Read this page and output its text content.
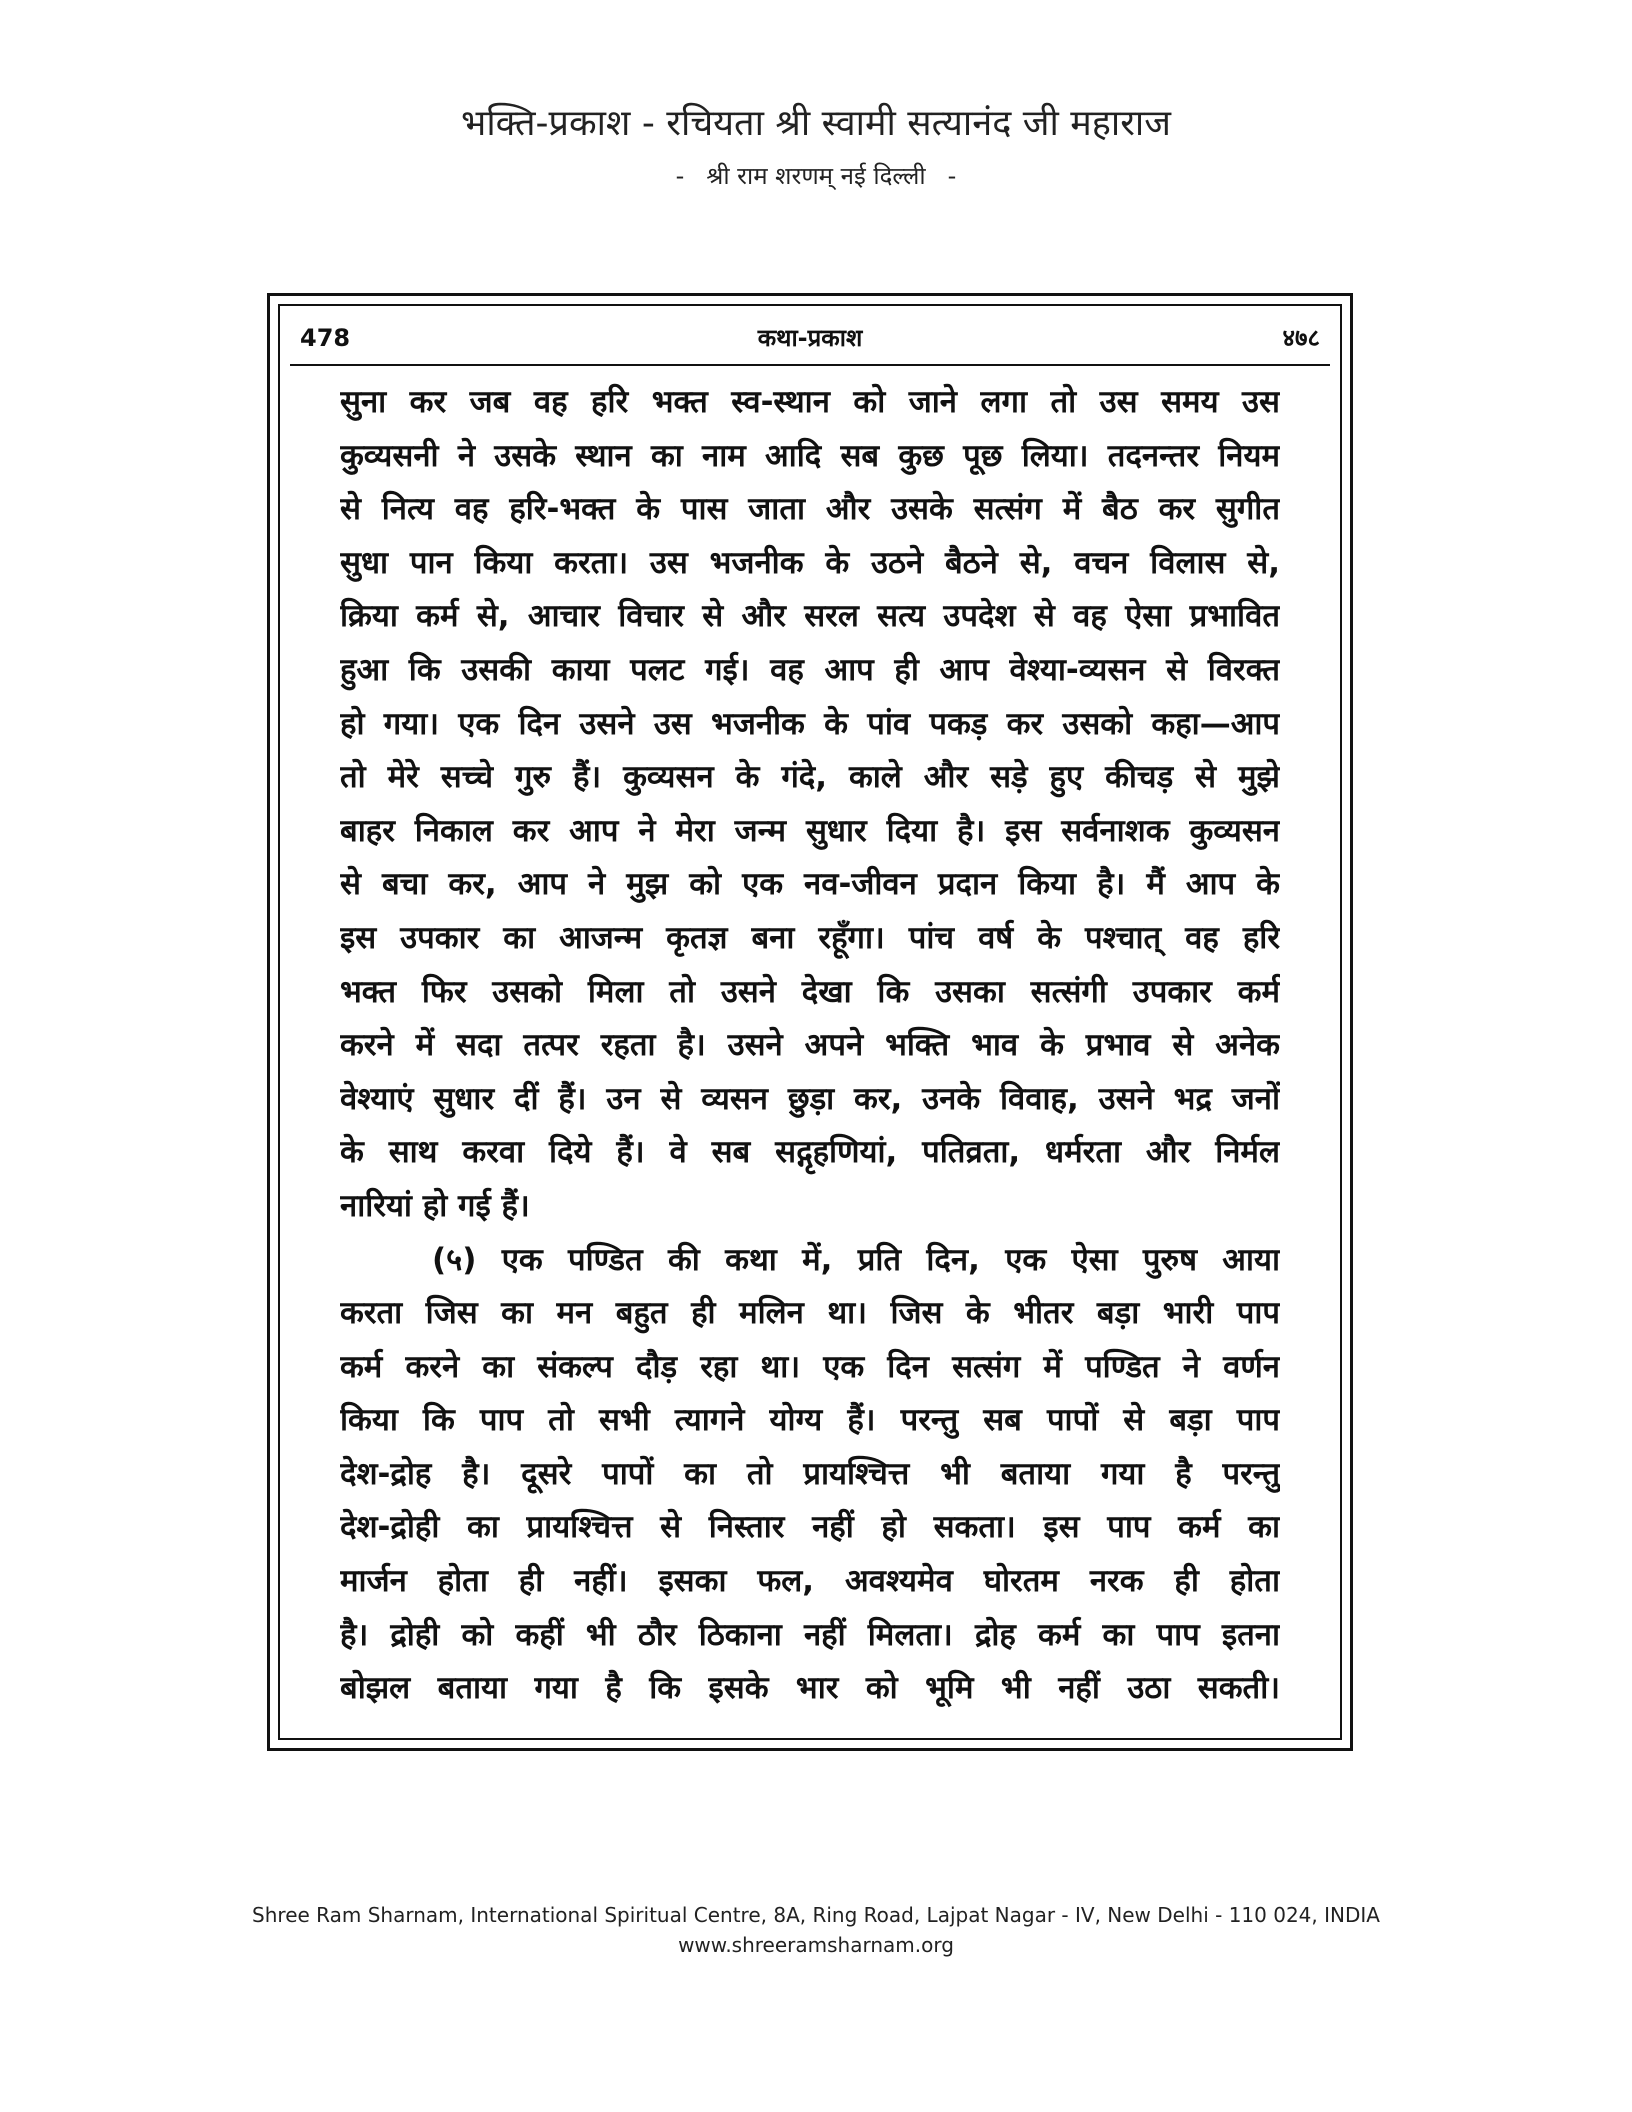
भक्ति-प्रकाश - रचियता श्री स्वामी सत्यानंद जी महाराज
- श्री राम शरणम् नई दिल्ली -
478	कथा-प्रकाश	४७८
सुना कर जब वह हरि भक्त स्व-स्थान को जाने लगा तो उस समय उस
कुव्यसनी ने उसके स्थान का नाम आदि सब कुछ पूछ लिया। तदनन्तर नियम
से नित्य वह हरि-भक्त के पास जाता और उसके सत्संग में बैठ कर सुगीत
सुधा पान किया करता। उस भजनीक के उठने बैठने से, वचन विलास से,
क्रिया कर्म से, आचार विचार से और सरल सत्य उपदेश से वह ऐसा प्रभावित
हुआ कि उसकी काया पलट गई। वह आप ही आप वेश्या-व्यसन से विरक्त
हो गया। एक दिन उसने उस भजनीक के पांव पकड़ कर उसको कहा—आप
तो मेरे सच्चे गुरु हैं। कुव्यसन के गंदे, काले और सड़े हुए कीचड़ से मुझे
बाहर निकाल कर आप ने मेरा जन्म सुधार दिया है। इस सर्वनाशक कुव्यसन
से बचा कर, आप ने मुझ को एक नव-जीवन प्रदान किया है। मैं आप के
इस उपकार का आजन्म कृतज्ञ बना रहूँगा। पांच वर्ष के पश्चात् वह हरि
भक्त फिर उसको मिला तो उसने देखा कि उसका सत्संगी उपकार कर्म
करने में सदा तत्पर रहता है। उसने अपने भक्ति भाव के प्रभाव से अनेक
वेश्याएं सुधार दीं हैं। उन से व्यसन छुड़ा कर, उनके विवाह, उसने भद्र जनों
के साथ करवा दिये हैं। वे सब सद्गृहणियां, पतिव्रता, धर्मरता और निर्मल
नारियां हो गई हैं।
(५) एक पण्डित की कथा में, प्रति दिन, एक ऐसा पुरुष आया
करता जिस का मन बहुत ही मलिन था। जिस के भीतर बड़ा भारी पाप
कर्म करने का संकल्प दौड़ रहा था। एक दिन सत्संग में पण्डित ने वर्णन
किया कि पाप तो सभी त्यागने योग्य हैं। परन्तु सब पापों से बड़ा पाप
देश-द्रोह है। दूसरे पापों का तो प्रायश्चित्त भी बताया गया है परन्तु
देश-द्रोही का प्रायश्चित्त से निस्तार नहीं हो सकता। इस पाप कर्म का
मार्जन होता ही नहीं। इसका फल, अवश्यमेव घोरतम नरक ही होता
है। द्रोही को कहीं भी ठौर ठिकाना नहीं मिलता। द्रोह कर्म का पाप इतना
बोझल बताया गया है कि इसके भार को भूमि भी नहीं उठा सकती।
Shree Ram Sharnam, International Spiritual Centre, 8A, Ring Road, Lajpat Nagar - IV, New Delhi - 110 024, INDIA
www.shreeramsharnam.org
